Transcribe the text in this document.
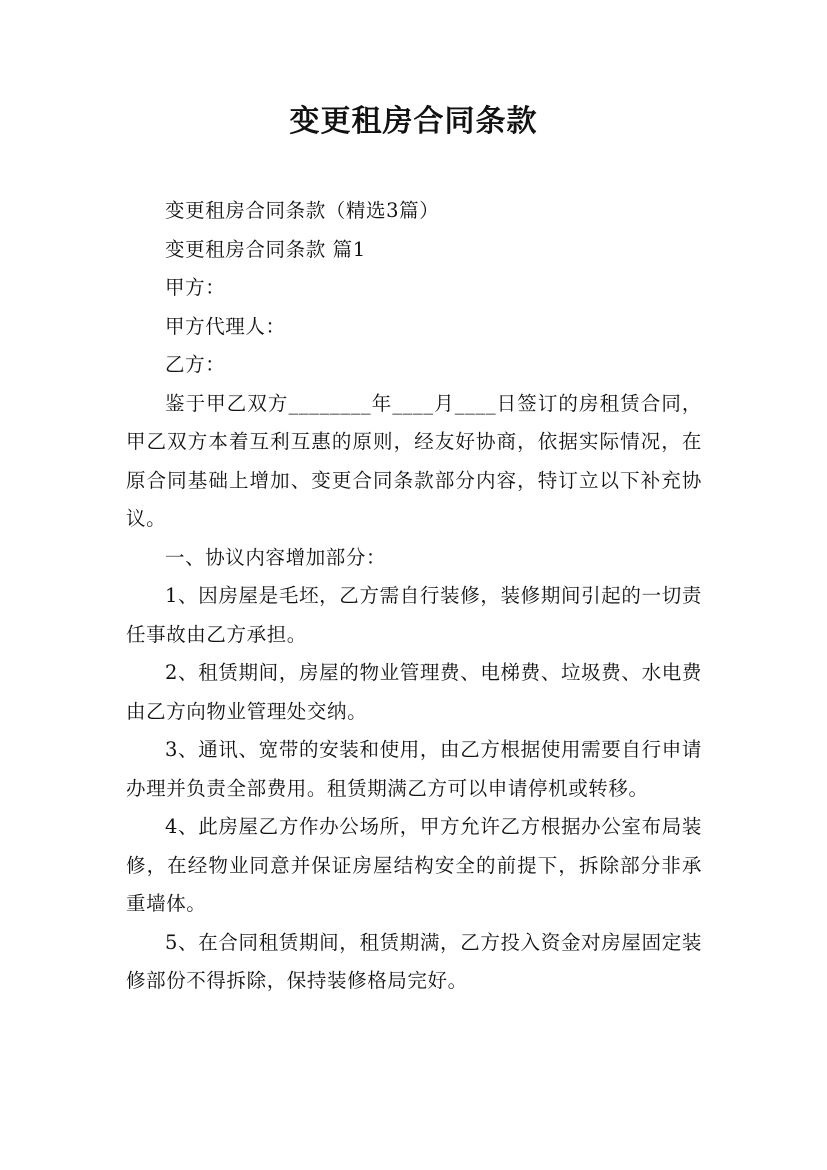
变更租房合同条款

变更租房合同条款（精选3篇）

变更租房合同条款 篇1

甲方：

甲方代理人：

乙方：

鉴于甲乙双方________年____月____日签订的房租赁合同，甲乙双方本着互利互惠的原则，经友好协商，依据实际情况，在原合同基础上增加、变更合同条款部分内容，特订立以下补充协议。

一、协议内容增加部分：

1、因房屋是毛坯，乙方需自行装修，装修期间引起的一切责任事故由乙方承担。

2、租赁期间，房屋的物业管理费、电梯费、垃圾费、水电费由乙方向物业管理处交纳。

3、通讯、宽带的安装和使用，由乙方根据使用需要自行申请办理并负责全部费用。租赁期满乙方可以申请停机或转移。

4、此房屋乙方作办公场所，甲方允许乙方根据办公室布局装修，在经物业同意并保证房屋结构安全的前提下，拆除部分非承重墙体。

5、在合同租赁期间，租赁期满，乙方投入资金对房屋固定装修部份不得拆除，保持装修格局完好。
